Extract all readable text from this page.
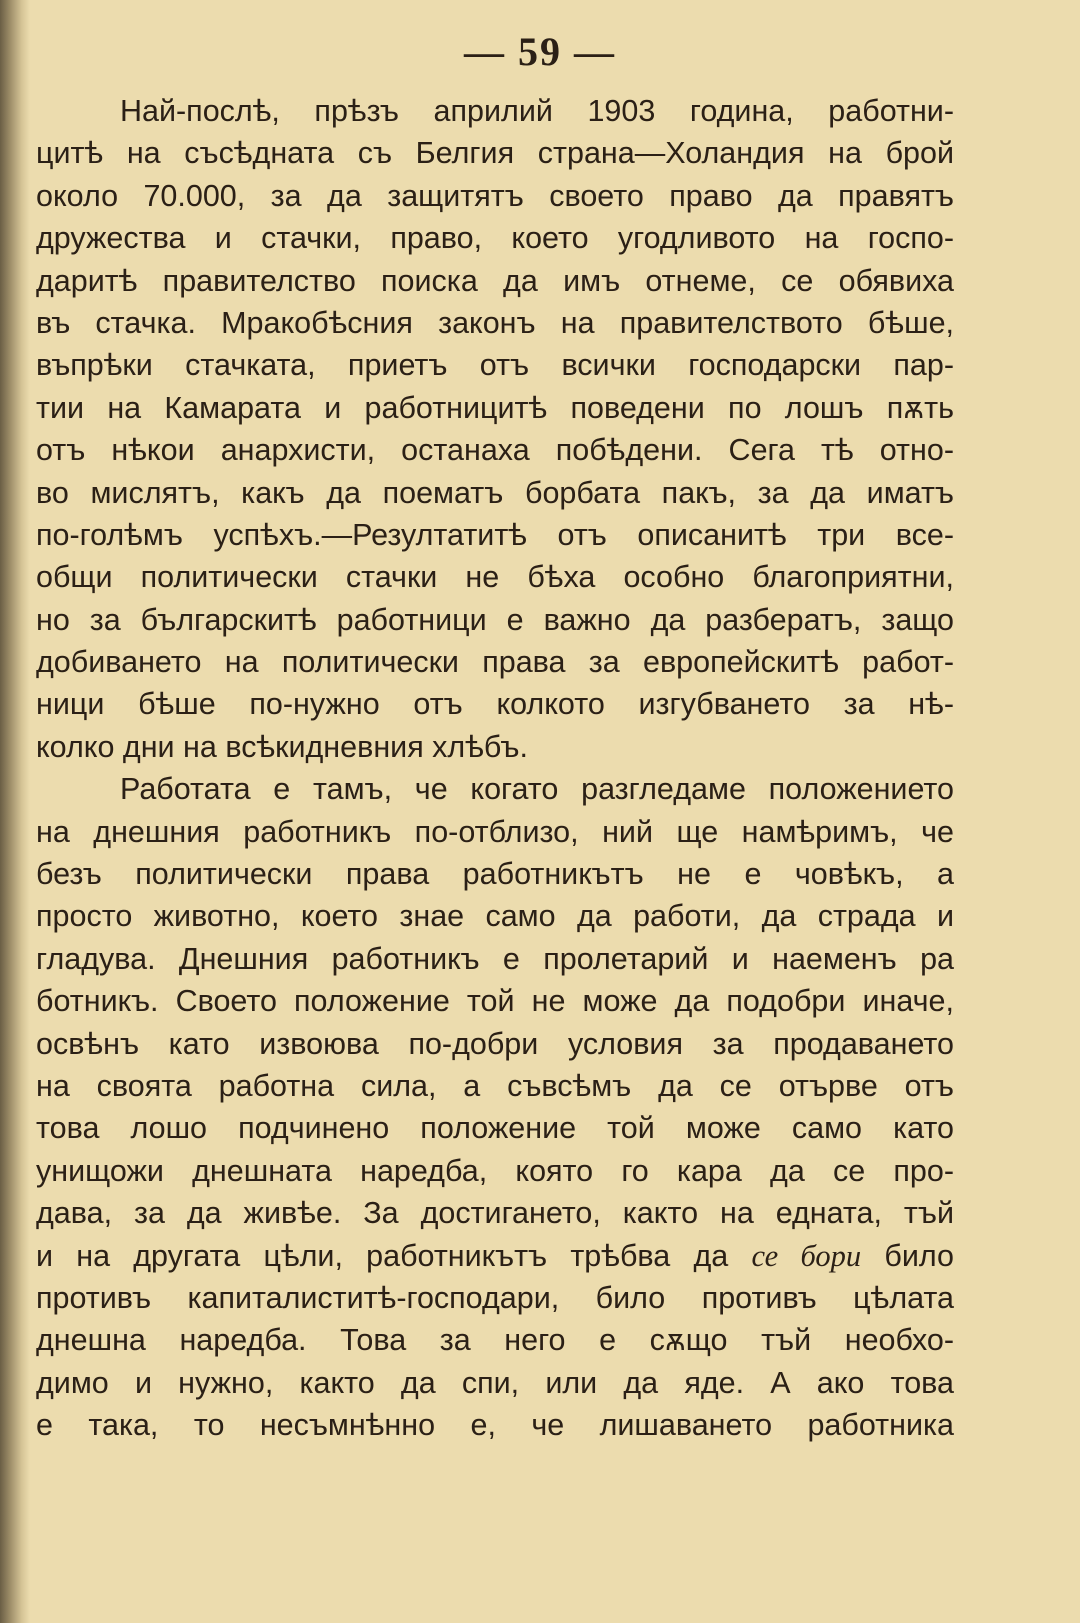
— 59 —
Най-послѣ, прѣзъ априлий 1903 година, работни-
цитѣ на съсѣдната съ Белгия страна—Холандия на брой
около 70.000, за да защитятъ своето право да правятъ
дружества и стачки, право, което угодливото на госпо-
даритѣ правителство поиска да имъ отнеме, се обявиха
въ стачка. Мракобѣсния законъ на правителството бѣше,
въпрѣки стачката, приетъ отъ всички господарски пар-
тии на Камарата и работницитѣ поведени по лошъ пѫть
отъ нѣкои анархисти, останаха побѣдени. Сега тѣ отно-
во мислятъ, какъ да поематъ борбата пакъ, за да иматъ
по-голѣмъ успѣхъ.—Резултатитѣ отъ описанитѣ три все-
общи политически стачки не бѣха особно благоприятни,
но за българскитѣ работници е важно да разбератъ, защо
добиването на политически права за европейскитѣ работ-
ници бѣше по-нужно отъ колкото изгубването за нѣ-
колко дни на всѣкидневния хлѣбъ.
Работата е тамъ, че когато разгледаме положението
на днешния работникъ по-отблизо, ний ще намѣримъ, че
безъ политически права работникътъ не е човѣкъ, а
просто животно, което знае само да работи, да страда и
гладува. Днешния работникъ е пролетарий и наеменъ ра
ботникъ. Своето положение той не може да подобри иначе,
освѣнъ като извоюва по-добри условия за продаването
на своята работна сила, а съвсѣмъ да се отърве отъ
това лошо подчинено положение той може само като
унищожи днешната наредба, която го кара да се про-
дава, за да живѣе. За достигането, както на едната, тъй
и на другата цѣли, работникътъ трѣбва да се бори било
противъ капиталиститѣ-господари, било противъ цѣлата
днешна наредба. Това за него е сѫщо тъй необхо-
димо и нужно, както да спи, или да яде. А ако това
е така, то несъмнѣнно е, че лишаването работника
